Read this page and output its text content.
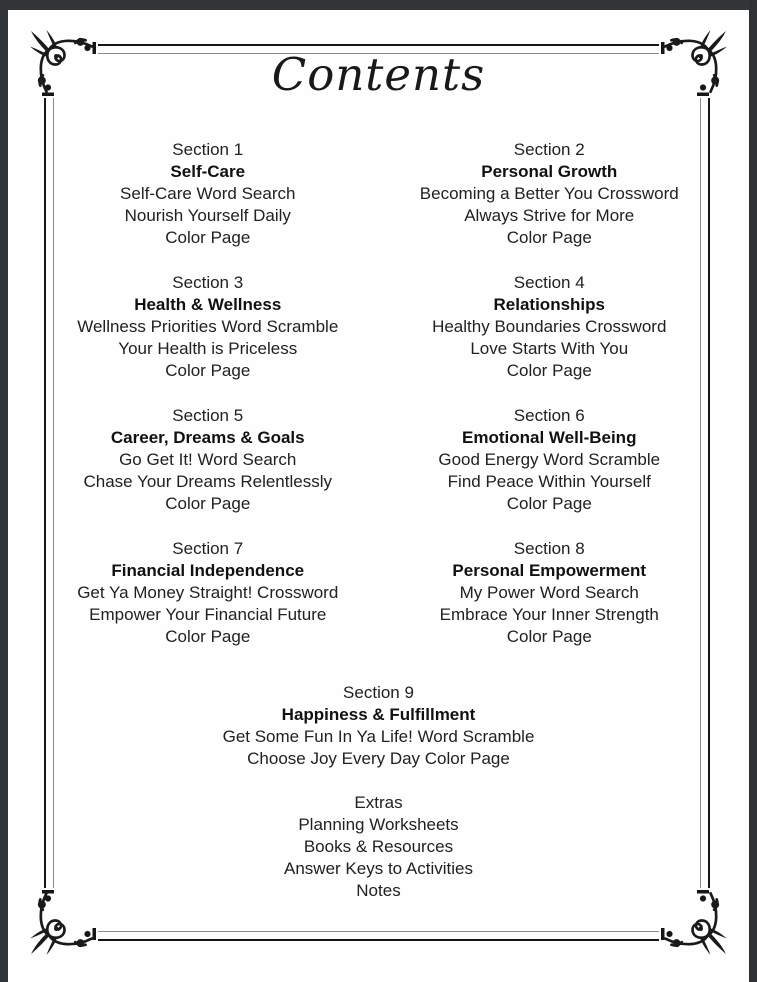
Contents
Section 1
Self-Care
Self-Care Word Search
Nourish Yourself Daily
Color Page
Section 2
Personal Growth
Becoming a Better You Crossword
Always Strive for More
Color Page
Section 3
Health & Wellness
Wellness Priorities Word Scramble
Your Health is Priceless
Color Page
Section 4
Relationships
Healthy Boundaries Crossword
Love Starts With You
Color Page
Section 5
Career, Dreams & Goals
Go Get It! Word Search
Chase Your Dreams Relentlessly
Color Page
Section 6
Emotional Well-Being
Good Energy Word Scramble
Find Peace Within Yourself
Color Page
Section 7
Financial Independence
Get Ya Money Straight! Crossword
Empower Your Financial Future
Color Page
Section 8
Personal Empowerment
My Power Word Search
Embrace Your Inner Strength
Color Page
Section 9
Happiness & Fulfillment
Get Some Fun In Ya Life! Word Scramble
Choose Joy Every Day Color Page
Extras
Planning Worksheets
Books & Resources
Answer Keys to Activities
Notes
